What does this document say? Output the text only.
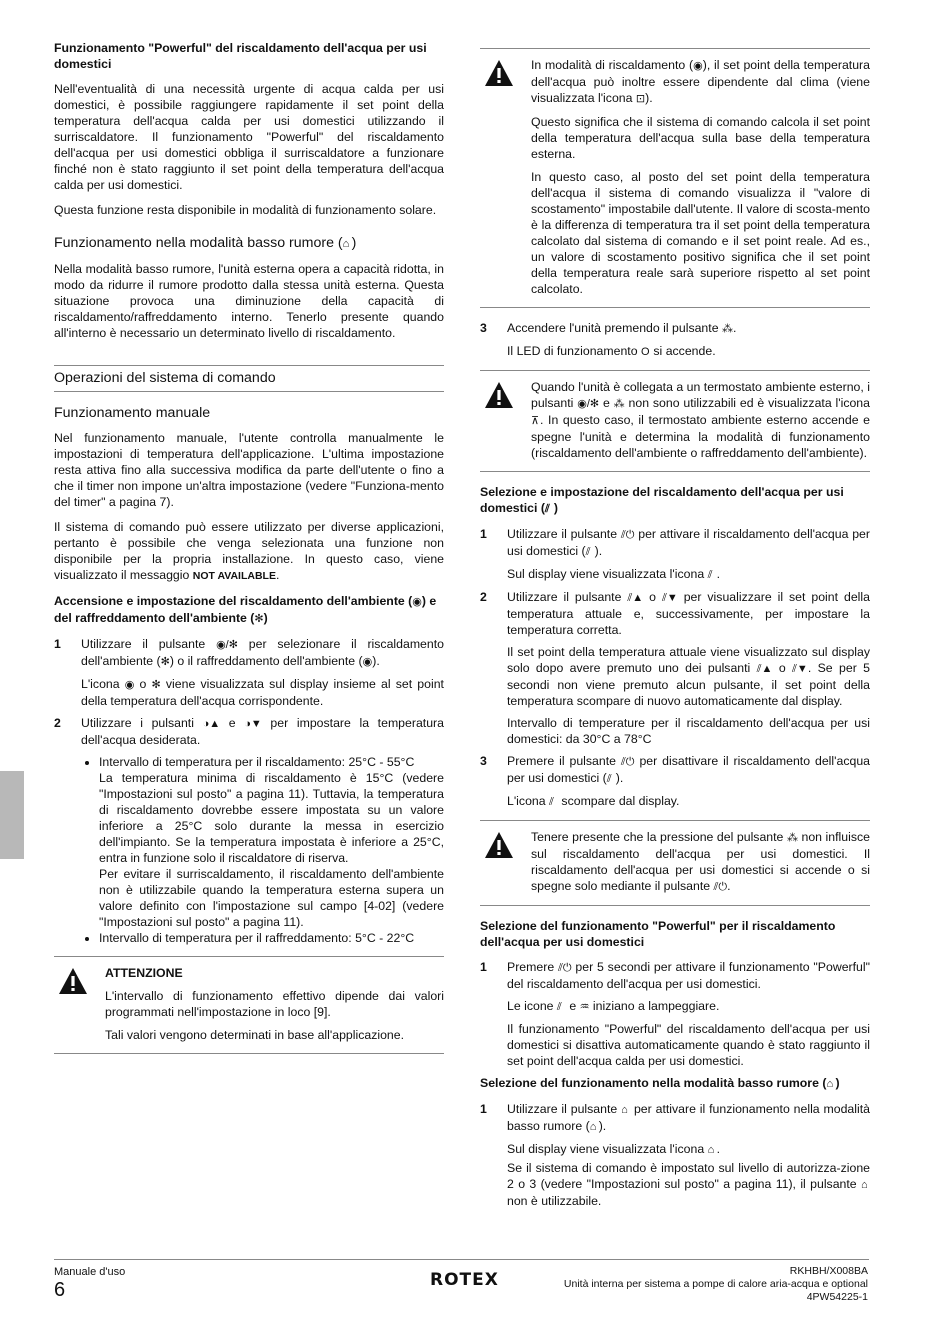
Funzionamento "Powerful" del riscaldamento dell'acqua per usi domestici

Nell'eventualità di una necessità urgente di acqua calda per usi domestici, è possibile raggiungere rapidamente il set point della temperatura dell'acqua calda per usi domestici utilizzando il surriscaldatore. Il funzionamento "Powerful" del riscaldamento dell'acqua per usi domestici obbliga il surriscaldatore a funzionare finché non è stato raggiunto il set point della temperatura dell'acqua calda per usi domestici.

Questa funzione resta disponibile in modalità di funzionamento solare.

Funzionamento nella modalità basso rumore (⌂ )

Nella modalità basso rumore, l'unità esterna opera a capacità ridotta, in modo da ridurre il rumore prodotto dalla stessa unità esterna. Questa situazione provoca una diminuzione della capacità di riscaldamento/raffreddamento interno. Tenerlo presente quando all'interno è necessario un determinato livello di riscaldamento.

Operazioni del sistema di comando
Funzionamento manuale

Nel funzionamento manuale, l'utente controlla manualmente le impostazioni di temperatura dell'applicazione. L'ultima impostazione resta attiva fino alla successiva modifica da parte dell'utente o fino a che il timer non impone un'altra impostazione (vedere "Funziona-mento del timer" a pagina 7).

Il sistema di comando può essere utilizzato per diverse applicazioni, pertanto è possibile che venga selezionata una funzione non disponibile per la propria installazione. In questo caso, viene visualizzato il messaggio NOT AVAILABLE.

Accensione e impostazione del riscaldamento dell'ambiente (◉) e del raffreddamento dell'ambiente (✻)
1 Utilizzare il pulsante ◉/✻ per selezionare il riscaldamento dell'ambiente (✻) o il raffreddamento dell'ambiente (◉).

L'icona ◉ o ✻ viene visualizzata sul display insieme al set point della temperatura dell'acqua corrispondente.

2 Utilizzare i pulsanti ◑▲ e ◑▼ per impostare la temperatura dell'acqua desiderata.

• Intervallo di temperatura per il riscaldamento: 25°C - 55°C
La temperatura minima di riscaldamento è 15°C (vedere "Impostazioni sul posto" a pagina 11). Tuttavia, la temperatura di riscaldamento dovrebbe essere impostata su un valore inferiore a 25°C solo durante la messa in esercizio dell'impianto. Se la temperatura impostata è inferiore a 25°C, entra in funzione solo il riscaldatore di riserva.
Per evitare il surriscaldamento, il riscaldamento dell'ambiente non è utilizzabile quando la temperatura esterna supera un valore definito con l'impostazione sul campo [4-02] (vedere "Impostazioni sul posto" a pagina 11).
• Intervallo di temperatura per il raffreddamento: 5°C - 22°C
ATTENZIONE

L'intervallo di funzionamento effettivo dipende dai valori programmati nell'impostazione in loco [9].

Tali valori vengono determinati in base all'applicazione.

In modalità di riscaldamento (◉), il set point della temperatura dell'acqua può inoltre essere dipendente dal clima (viene visualizzata l'icona ⊡).

Questo significa che il sistema di comando calcola il set point della temperatura dell'acqua sulla base della temperatura esterna.

In questo caso, al posto del set point della temperatura dell'acqua il sistema di comando visualizza il "valore di scostamento" impostabile dall'utente. Il valore di scosta-mento è la differenza di temperatura tra il set point della temperatura calcolato dal sistema di comando e il set point reale. Ad es., un valore di scostamento positivo significa che il set point della temperatura reale sarà superiore rispetto al set point calcolato.

3 Accendere l'unità premendo il pulsante ⁂.

Il LED di funzionamento O si accende.

Quando l'unità è collegata a un termostato ambiente esterno, i pulsanti ◉/✻ e ⁂ non sono utilizzabili ed è visualizzata l'icona ⊼. In questo caso, il termostato ambiente esterno accende e spegne l'unità e determina la modalità di funzionamento (riscaldamento dell'ambiente o raffreddamento dell'ambiente).

Selezione e impostazione del riscaldamento dell'acqua per usi domestici (⫽ )
1 Utilizzare il pulsante ⫽⏻ per attivare il riscaldamento dell'acqua per usi domestici (⫽ ).

Sul display viene visualizzata l'icona ⫽ .

2 Utilizzare il pulsante ⫽▲ o ⫽▼ per visualizzare il set point della temperatura attuale e, successivamente, per impostare la temperatura corretta.

Il set point della temperatura attuale viene visualizzato sul display solo dopo avere premuto uno dei pulsanti ⫽▲ o ⫽▼. Se per 5 secondi non viene premuto alcun pulsante, il set point della temperatura scompare di nuovo automaticamente dal display.

Intervallo di temperature per il riscaldamento dell'acqua per usi domestici: da 30°C a 78°C

3 Premere il pulsante ⫽⏻ per disattivare il riscaldamento dell'acqua per usi domestici (⫽ ).

L'icona ⫽ scompare dal display.

Tenere presente che la pressione del pulsante ⁂ non influisce sul riscaldamento dell'acqua per usi domestici. Il riscaldamento dell'acqua per usi domestici si accende o si spegne solo mediante il pulsante ⫽⏻.

Selezione del funzionamento "Powerful" per il riscaldamento dell'acqua per usi domestici
1 Premere ⫽⏻ per 5 secondi per attivare il funzionamento "Powerful" del riscaldamento dell'acqua per usi domestici.

Le icone ⫽ e ♒ iniziano a lampeggiare.

Il funzionamento "Powerful" del riscaldamento dell'acqua per usi domestici si disattiva automaticamente quando è stato raggiunto il set point dell'acqua calda per usi domestici.

Selezione del funzionamento nella modalità basso rumore (⌂ )
1 Utilizzare il pulsante ⌂ per attivare il funzionamento nella modalità basso rumore (⌂ ).

Sul display viene visualizzata l'icona ⌂ .

Se il sistema di comando è impostato sul livello di autorizza-zione 2 o 3 (vedere "Impostazioni sul posto" a pagina 11), il pulsante ⌂ non è utilizzabile.

Manuale d'uso
6	ROTEX	RKHBH/X008BA
Unità interna per sistema a pompe di calore aria-acqua e optional
4PW54225-1
